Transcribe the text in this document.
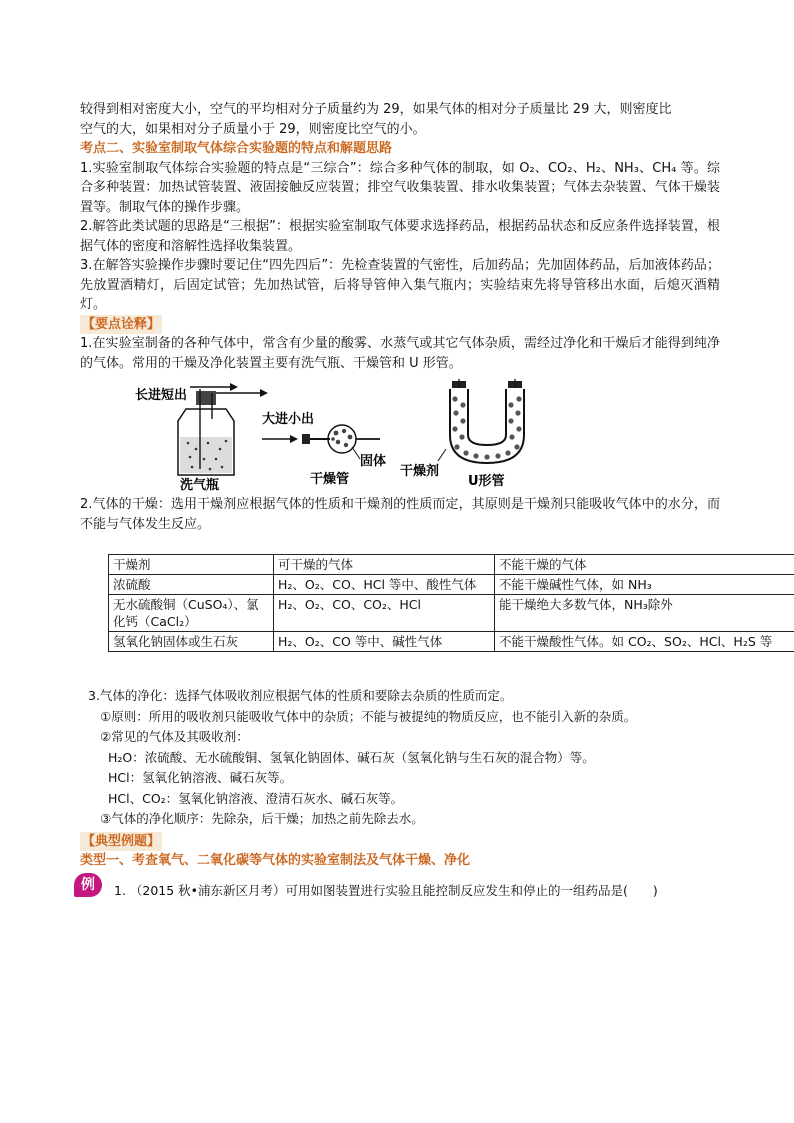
较得到相对密度大小，空气的平均相对分子质量约为 29，如果气体的相对分子质量比 29 大，则密度比

空气的大，如果相对分子质量小于 29，则密度比空气的小。

考点二、实验室制取气体综合实验题的特点和解题思路

1.实验室制取气体综合实验题的特点是“三综合”：综合多种气体的制取，如 O₂、CO₂、H₂、NH₃、CH₄ 等。综合多种装置：加热试管装置、液固接触反应装置；排空气收集装置、排水收集装置；气体去杂装置、气体干燥装置等。制取气体的操作步骤。

2.解答此类试题的思路是“三根据”：根据实验室制取气体要求选择药品，根据药品状态和反应条件选择装置，根据气体的密度和溶解性选择收集装置。

3.在解答实验操作步骤时要记住“四先四后”：先检查装置的气密性，后加药品；先加固体药品，后加液体药品；先放置酒精灯，后固定试管；先加热试管，后将导管伸入集气瓶内；实验结束先将导管移出水面，后熄灭酒精灯。

【要点诠释】

1.在实验室制备的各种气体中，常含有少量的酸雾、水蒸气或其它气体杂质，需经过净化和干燥后才能得到纯净的气体。常用的干燥及净化装置主要有洗气瓶、干燥管和 U 形管。

长进短出
洗气瓶
大进小出
固体
干燥管
干燥剂
U形管

2.气体的干燥：选用干燥剂应根据气体的性质和干燥剂的性质而定，其原则是干燥剂只能吸收气体中的水分，而不能与气体发生反应。

干燥剂	可干燥的气体	不能干燥的气体
浓硫酸	H₂、O₂、CO、HCl 等中、酸性气体	不能干燥碱性气体，如 NH₃
无水硫酸铜（CuSO₄）、氯化钙（CaCl₂）	H₂、O₂、CO、CO₂、HCl	能干燥绝大多数气体，NH₃除外
氢氧化钠固体或生石灰	H₂、O₂、CO 等中、碱性气体	不能干燥酸性气体。如 CO₂、SO₂、HCl、H₂S 等

3.气体的净化：选择气体吸收剂应根据气体的性质和要除去杂质的性质而定。

①原则：所用的吸收剂只能吸收气体中的杂质；不能与被提纯的物质反应，也不能引入新的杂质。

②常见的气体及其吸收剂：

H₂O：浓硫酸、无水硫酸铜、氢氧化钠固体、碱石灰（氢氧化钠与生石灰的混合物）等。

HCl：氢氧化钠溶液、碱石灰等。

HCl、CO₂：氢氧化钠溶液、澄清石灰水、碱石灰等。

③气体的净化顺序：先除杂，后干燥；加热之前先除去水。

【典型例题】

类型一、考查氧气、二氧化碳等气体的实验室制法及气体干燥、净化

例	1. （2015 秋•浦东新区月考）可用如图装置进行实验且能控制反应发生和停止的一组药品是(　　)
